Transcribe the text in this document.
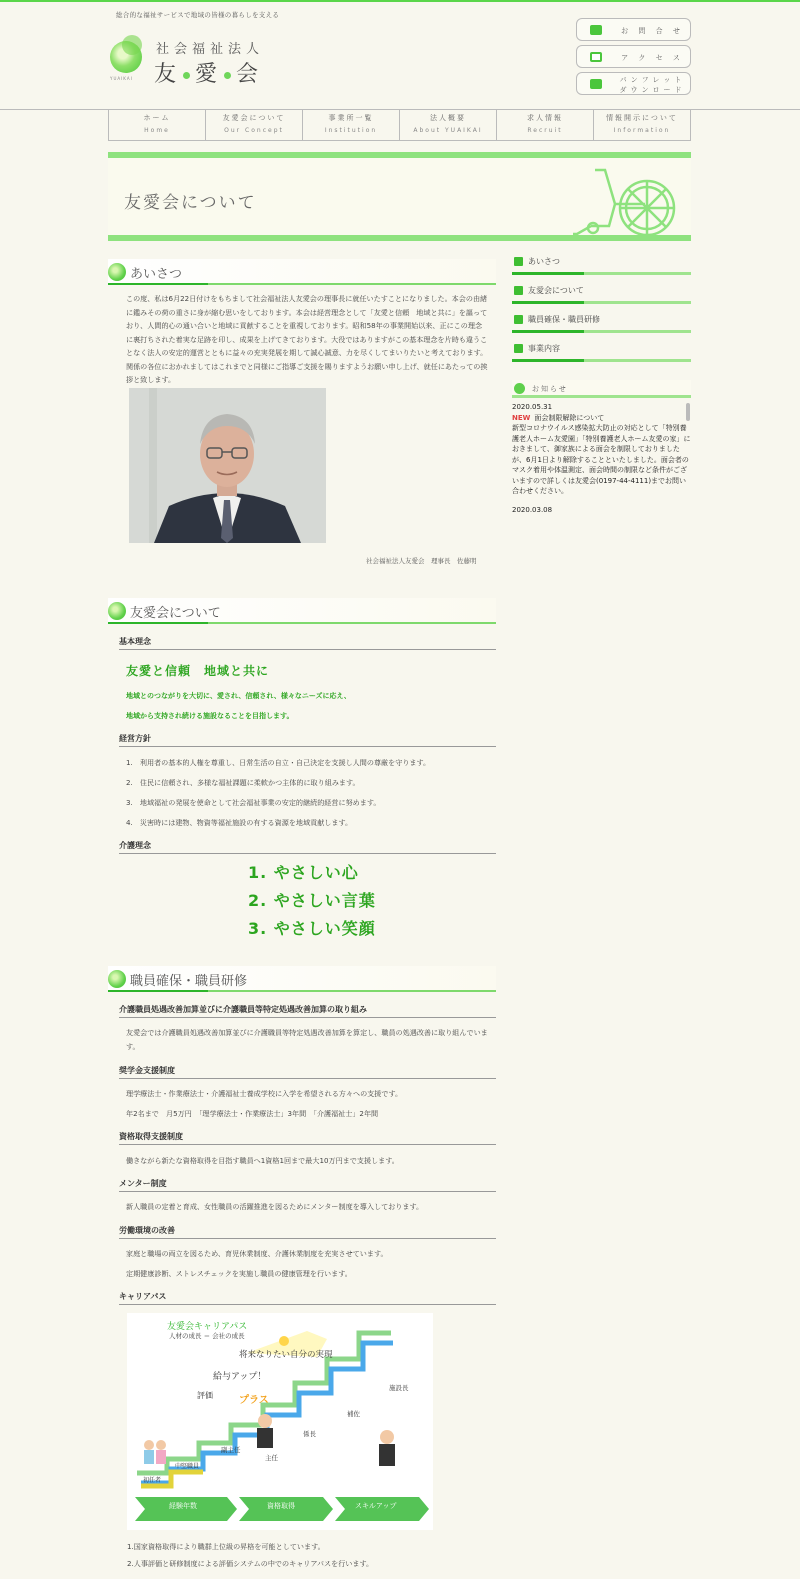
総合的な福祉サービスで地域の皆様の暮らしを支える
YUAIKAI
社会福祉法人
友 愛 会
お 問 合 せ
ア ク セ ス
パンフレット
ダウンロード
ホーム
Home
友愛会について
Our Concept
事業所一覧
Institution
法人概要
About YUAIKAI
求人情報
Recruit
情報開示について
Information
友愛会について
あいさつ
この度、私は6月22日付けをもちまして社会福祉法人友愛会の理事長に就任いたすことになりました。本会の由緒に鑑みその荷の重さに身が縮む思いをしております。本会は経営理念として「友愛と信頼　地域と共に」を謳っており、人間的心の通い合いと地域に貢献することを重視しております。昭和58年の事業開始以来、正にこの理念に裏打ちされた着実な足跡を印し、成果を上げてきております。大役ではありますがこの基本理念を片時も違うことなく法人の安定的運営とともに益々の充実発展を期して誠心誠意、力を尽くしてまいりたいと考えております。関係の各位におかれましてはこれまでと同様にご指導ご支援を賜りますようお願い申し上げ、就任にあたっての挨拶と致します。
社会福祉法人友愛会　理事長　佐藤明
友愛会について
基本理念
友愛と信頼　地域と共に
地域とのつながりを大切に、愛され、信頼され、様々なニーズに応え、
地域から支持され続ける施設なることを目指します。
経営方針
1.　利用者の基本的人権を尊重し、日常生活の自立・自己決定を支援し人間の尊厳を守ります。
2.　住民に信頼され、多様な福祉課題に柔軟かつ主体的に取り組みます。
3.　地域福祉の発展を使命として社会福祉事業の安定的継続的経営に努めます。
4.　災害時には建物、物資等福祉施設の有する資源を地域貢献します。
介護理念
1. やさしい心
2. やさしい言葉
3. やさしい笑顔
職員確保・職員研修
介護職員処遇改善加算並びに介護職員等特定処遇改善加算の取り組み
友愛会では介護職員処遇改善加算並びに介護職員等特定処遇改善加算を算定し、職員の処遇改善に取り組んでいます。
奨学金支援制度
理学療法士・作業療法士・介護福祉士養成学校に入学を希望される方々への支援です。
年2名まで　月5万円　「理学療法士・作業療法士」3年間　「介護福祉士」2年間
資格取得支援制度
働きながら新たな資格取得を目指す職員へ1資格1回まで最大10万円まで支援します。
メンター制度
新人職員の定着と育成、女性職員の活躍推進を図るためにメンター制度を導入しております。
労働環境の改善
家庭と職場の両立を図るため、育児休業制度、介護休業制度を充実させています。
定期健康診断、ストレスチェックを実施し職員の健康管理を行います。
キャリアパス
友愛会キャリアパス
人材の成長 ＝ 会社の成長
将来なりたい自分の実現
給与アップ！
評価	プラス
初任者
中堅職員
副主任
主任
係長
補佐
施設長
経験年数	資格取得	スキルアップ
1.国家資格取得により職群上位級の昇格を可能としています。
2.人事評価と研修制度による評価システムの中でのキャリアパスを行います。
あいさつ
友愛会について
職員確保・職員研修
事業内容
お知らせ
2020.05.31
NEW 面会制限解除について
新型コロナウイルス感染拡大防止の対応として「特別養護老人ホーム友愛園」「特別養護老人ホーム友愛の家」におきまして、御家族による面会を制限しておりましたが、6月1日より解除することといたしました。面会者のマスク着用や体温測定、面会時間の制限など条件がございますので詳しくは友愛会(0197-44-4111)までお問い合わせください。
2020.03.08
